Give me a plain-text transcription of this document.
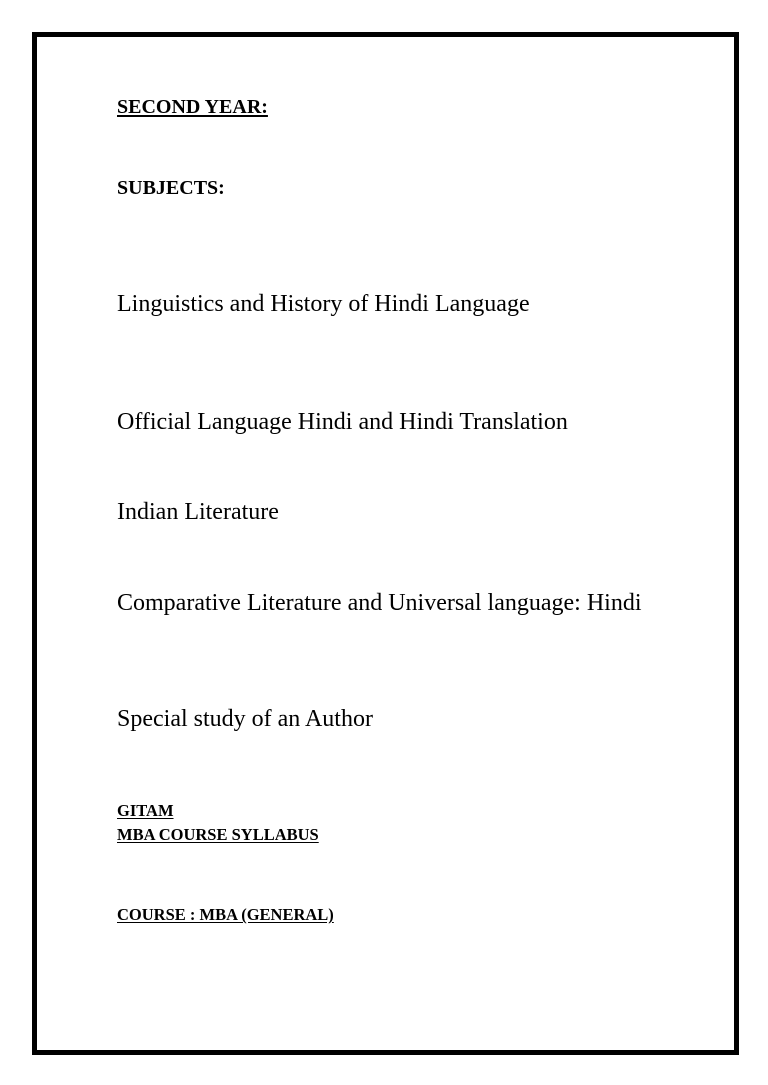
SECOND YEAR:
SUBJECTS:

Linguistics and History of Hindi Language

Official Language Hindi and Hindi Translation

Indian Literature

Comparative Literature and Universal language: Hindi

Special study of an Author

GITAM

MBA COURSE SYLLABUS

COURSE : MBA (GENERAL)
